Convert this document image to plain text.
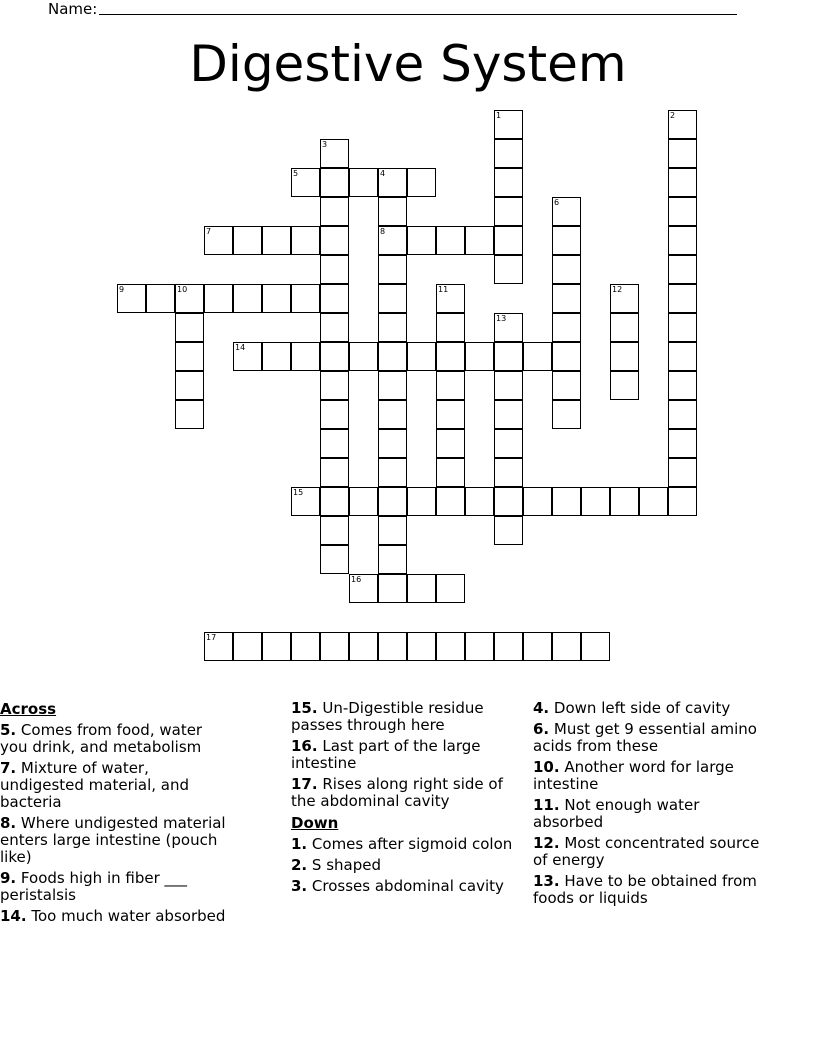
Name:
Digestive System
5	4
7	8
9	10
14
15
16
17
1	2
3
6
11	12
13
Across
5. Comes from food, water you drink, and metabolism
7. Mixture of water, undigested material, and bacteria
8. Where undigested material enters large intestine (pouch like)
9. Foods high in fiber ___ peristalsis
14. Too much water absorbed
15. Un-Digestible residue passes through here
16. Last part of the large intestine
17. Rises along right side of the abdominal cavity
Down
1. Comes after sigmoid colon
2. S shaped
3. Crosses abdominal cavity
4. Down left side of cavity
6. Must get 9 essential amino acids from these
10. Another word for large intestine
11. Not enough water absorbed
12. Most concentrated source of energy
13. Have to be obtained from foods or liquids
